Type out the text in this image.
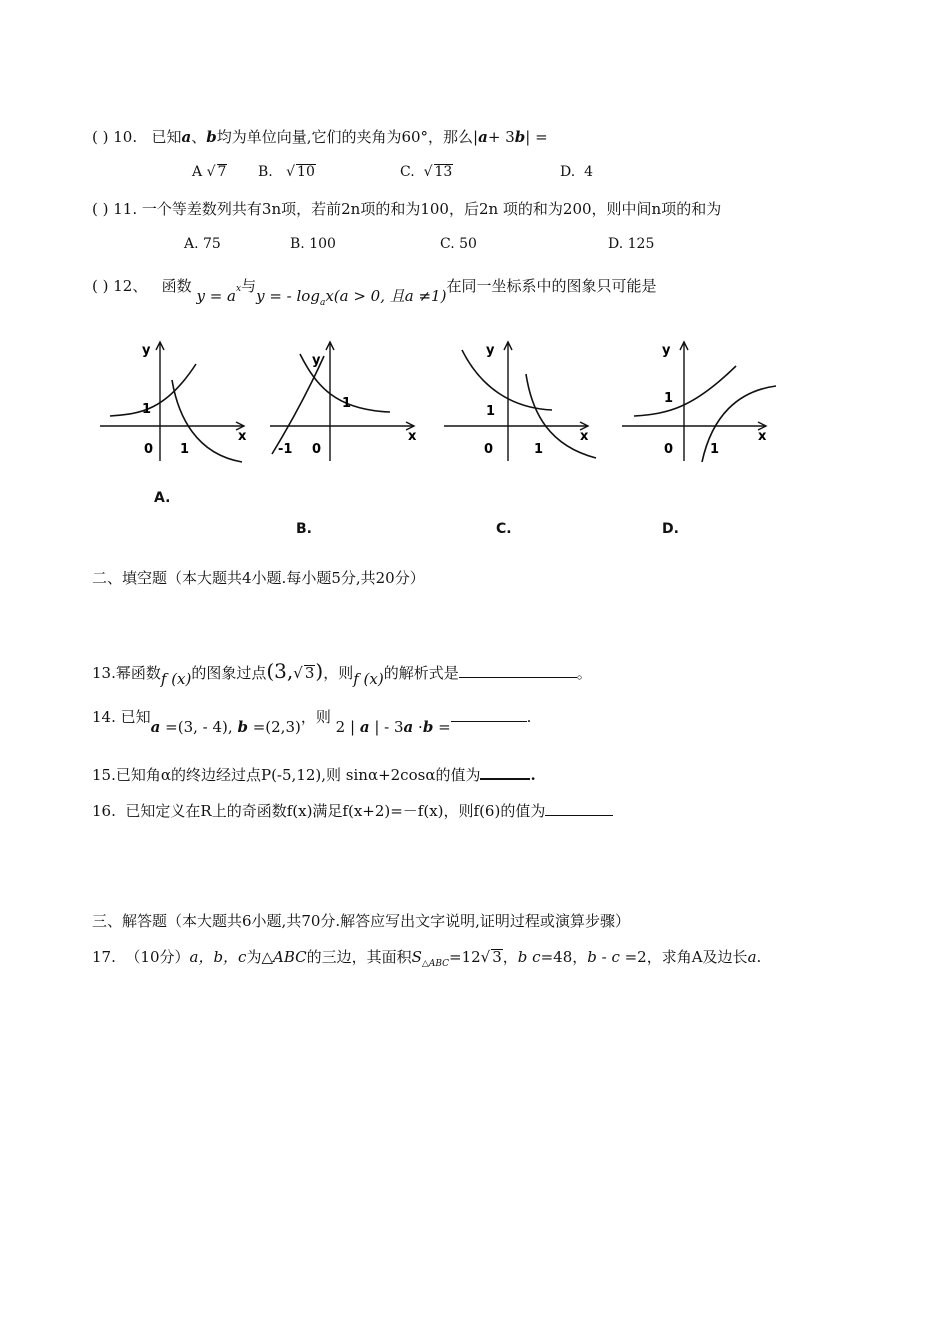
( ) 10. 已知a、b均为单位向量,它们的夹角为60°，那么|a+ 3b| =
A √ 7 B.   √ 10	C.  √ 13	D. 4
( ) 11. 一个等差数列共有3n项，若前2n项的和为100，后2n 项的和为200，则中间n项的和为
A. 75	B. 100	C. 50	D. 125
( ) 12、 函数 $y = a^x$与y = - $\log_ax(a > 0$, 且a ≠1)在同一坐标系中的图象只可能是
y
x
1
0 1
A.
y
x
1
-1 0
B.
y
x
1
0	1
C.
y
x
1
0	1
D.
二、填空题（本大题共4小题.每小题5分,共20分）
13.幂函数f (x)的图象过点(3,√ 3)，则f (x)的解析式是	。
14. 已知a =(3, - 4), b =(2,3)，则 2 | a | - 3a ·b =.
15.已知角α的终边经过点P(-5,12),则 sinα+2cosα的值为	.
16. 已知定义在R上的奇函数f(x)满足f(x+2)=－f(x)，则f(6)的值为
三、解答题（本大题共6小题,共70分.解答应写出文字说明,证明过程或演算步骤）
17. （10分）a，b，c为△ABC的三边，其面积$S_{\triangle ABC}=12√$ 3，b c=48，b - c =2，求角A及边长a.
